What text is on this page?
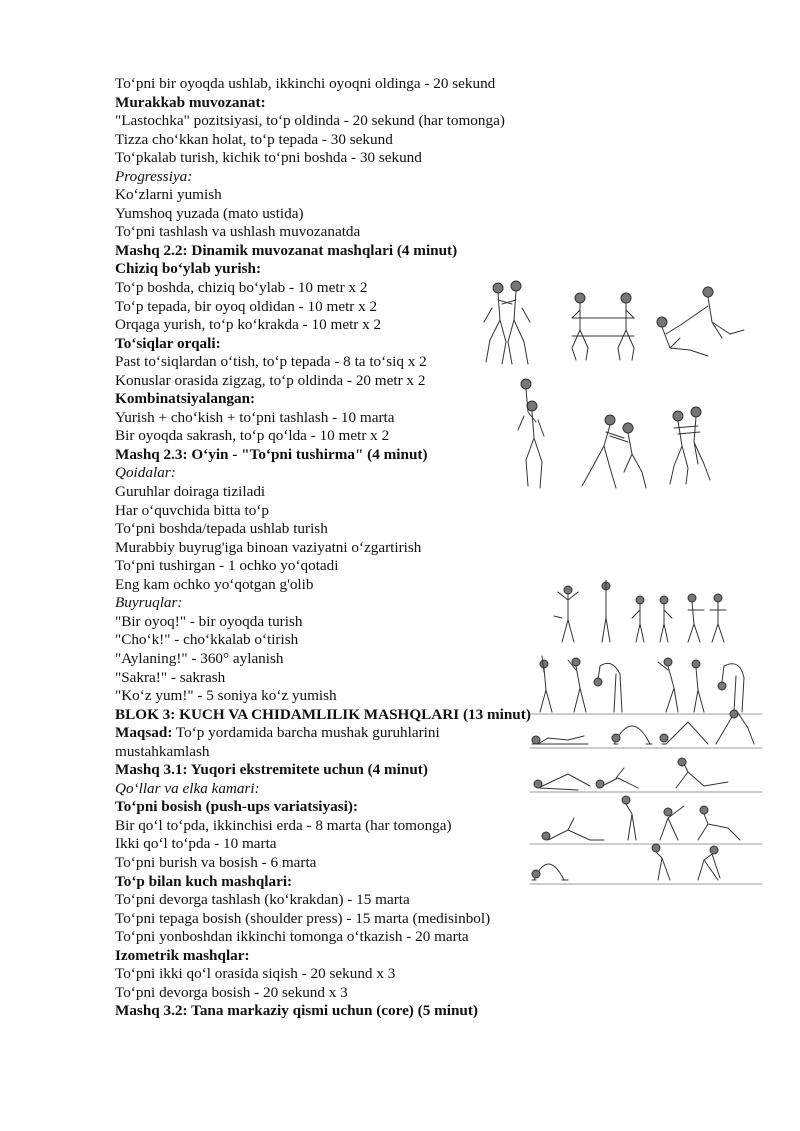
To‘pni bir oyoqda ushlab, ikkinchi oyoqni oldinga - 20 sekund
Murakkab muvozanat:
"Lastochka" pozitsiyasi, to‘p oldinda - 20 sekund (har tomonga)
Tizza cho‘kkan holat, to‘p tepada - 30 sekund
To‘pkalab turish, kichik to‘pni boshda - 30 sekund
Progressiya:
Ko‘zlarni yumish
Yumshoq yuzada (mato ustida)
To‘pni tashlash va ushlash muvozanatda
Mashq 2.2: Dinamik muvozanat mashqlari (4 minut)
Chiziq bo‘ylab yurish:
To‘p boshda, chiziq bo‘ylab - 10 metr x 2
To‘p tepada, bir oyoq oldidan - 10 metr x 2
Orqaga yurish, to‘p ko‘krakda - 10 metr x 2
To‘siqlar orqali:
Past to‘siqlardan o‘tish, to‘p tepada - 8 ta to‘siq x 2
Konuslar orasida zigzag, to‘p oldinda - 20 metr x 2
Kombinatsiyalangan:
Yurish + cho‘kish + to‘pni tashlash - 10 marta
Bir oyoqda sakrash, to‘p qo‘lda - 10 metr x 2
Mashq 2.3: O‘yin - "To‘pni tushirma" (4 minut)
Qoidalar:
Guruhlar doiraga tiziladi
Har o‘quvchida bitta to‘p
To‘pni boshda/tepada ushlab turish
Murabbiy buyrug'iga binoan vaziyatni o‘zgartirish
To‘pni tushirgan - 1 ochko yo‘qotadi
Eng kam ochko yo‘qotgan g'olib
Buyruqlar:
"Bir oyoq!" - bir oyoqda turish
"Cho‘k!" - cho‘kkalab o‘tirish
"Aylaning!" - 360° aylanish
"Sakra!" - sakrash
"Ko‘z yum!" - 5 soniya ko‘z yumish
BLOK 3: KUCH VA CHIDAMLILIK MASHQLARI (13 minut)
Maqsad: To‘p yordamida barcha mushak guruhlarini mustahkamlash
Mashq 3.1: Yuqori ekstremitete uchun (4 minut)
Qo‘llar va elka kamari:
To‘pni bosish (push-ups variatsiyasi):
Bir qo‘l to‘pda, ikkinchisi erda - 8 marta (har tomonga)
Ikki qo‘l to‘pda - 10 marta
To‘pni burish va bosish - 6 marta
To‘p bilan kuch mashqlari:
To‘pni devorga tashlash (ko‘krakdan) - 15 marta
To‘pni tepaga bosish (shoulder press) - 15 marta (medisinbol)
To‘pni yonboshdan ikkinchi tomonga o‘tkazish - 20 marta
Izometrik mashqlar:
To‘pni ikki qo‘l orasida siqish - 20 sekund x 3
To‘pni devorga bosish - 20 sekund x 3
Mashq 3.2: Tana markaziy qismi uchun (core) (5 minut)
